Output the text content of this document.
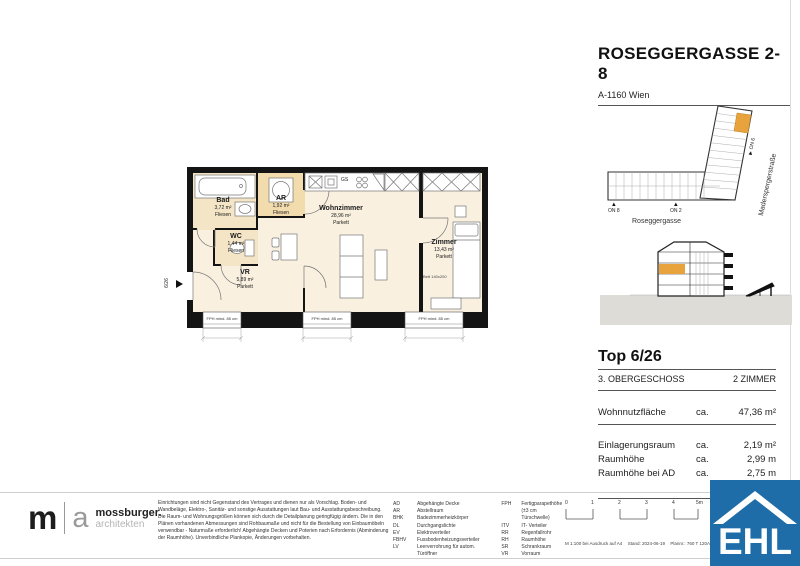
ROSEGGERGASSE 2-8
A-1160 Wien
Maderspergerstraße
Roseggergasse
▲
ON 8
▲
ON 2
▲ ON 6
Top 6/26
3. OBERGESCHOSS	2 ZIMMER
Wohnnutzfläche	ca.	47,36 m²
Einlagerungsraum	ca.	2,19 m²
Raumhöhe	ca.	2,99 m
Raumhöhe bei AD	ca.	2,75 m
Bad
3,72 m²
Fliesen
AR
1,92 m²
Fliesen
WC
1,44 m²
Fliesen
VR
5,89 m²
Parkett
Wohnzimmer
28,96 m²
Parkett
Zimmer
13,43 m²
Parkett
Bett 140x200
GS
FPH mind. 85 cm	FPH mind. 85 cm	FPH mind. 85 cm
6/26
m a mossburger.
architekten
Einrichtungen sind nicht Gegenstand des Vertrages und dienen nur als Vorschlag. Boden- und Wandbeläge, Elektro-, Sanitär- und sonstige Ausstattungen laut Bau- und Ausstattungsbeschreibung. Die Raum- und Wohnungsgrößen können sich durch die Detailplanung geringfügig ändern. Die in den Plänen vorhandenen Abmessungen sind Rohbaumaße und nicht für die Bestellung von Einbaumöbeln verwendbar - Naturmaße erforderlich! Abgehängte Decken und Poterien nach Erfordernis (Abminderung der Raumhöhe). Unverbindliche Plankopie, Änderungen vorbehalten.
AD	Abgehängte Decke
AR	Abstellraum
BHK	Badezimmerheizkörper
DL	Durchgangslichte
EV	Elektroverteiler
FBHV	Fussbodenheizungsverteiler
LV	Leerverrohrung für autom. Türöffner
FPH	Fertigparapethöhe
(±3 cm Türschwelle)
ITV	IT- Verteiler
RR	Regenfallrohr
RH	Raumhöhe
SR	Schrankraum
VR	Vorraum
0	1	2	3	4	5m
M 1:100 bei Ausdruck auf A4 Stand: 2024-06-19 Plannr.: 760 T 120A EHL
